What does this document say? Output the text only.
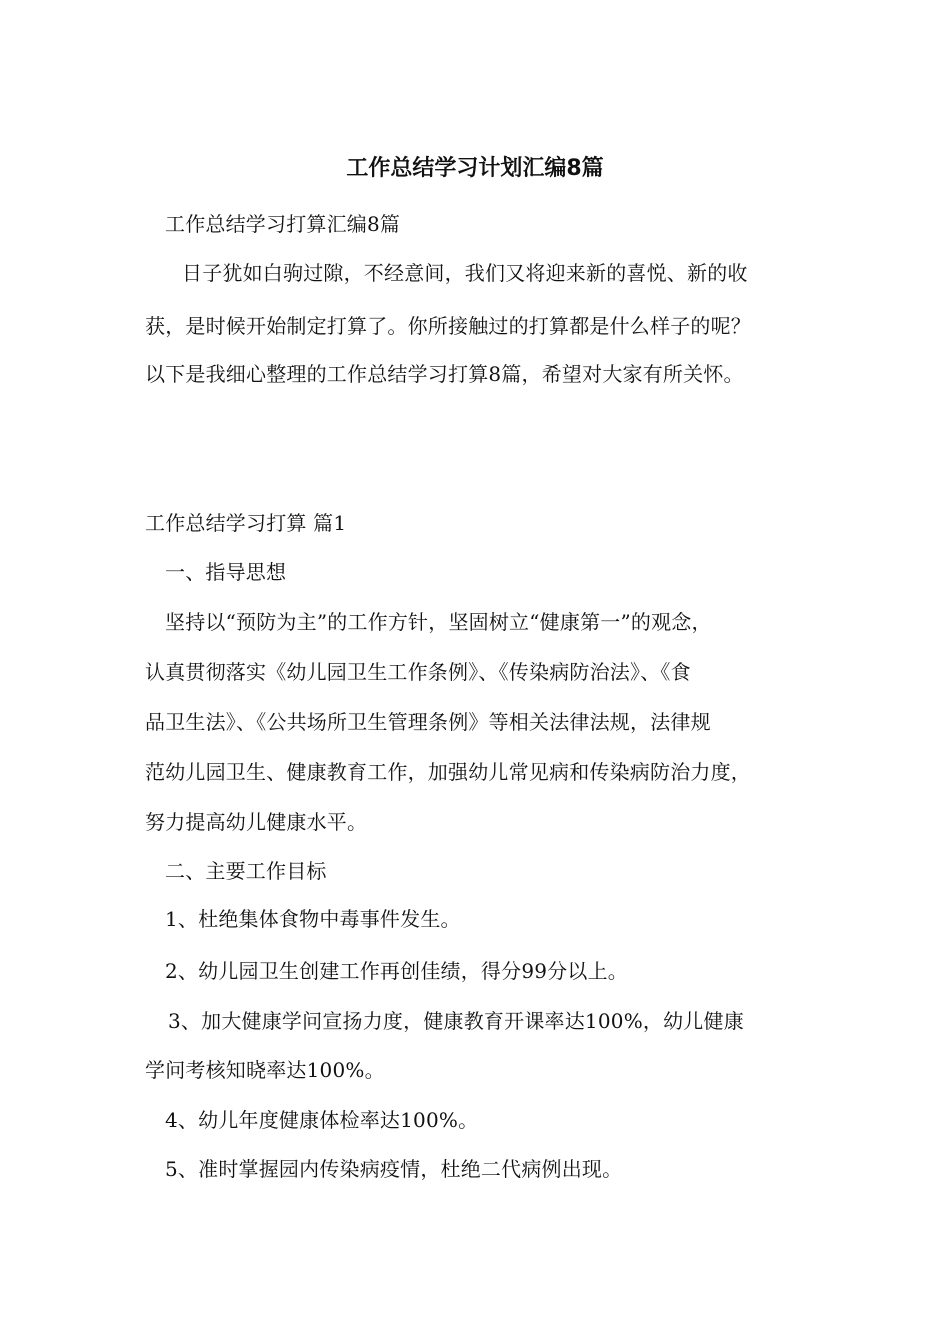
工作总结学习计划汇编8篇
工作总结学习打算汇编8篇
日子犹如白驹过隙，不经意间，我们又将迎来新的喜悦、新的收
获，是时候开始制定打算了。你所接触过的打算都是什么样子的呢？
以下是我细心整理的工作总结学习打算8篇，希望对大家有所关怀。
工作总结学习打算 篇1
一、指导思想
坚持以“预防为主”的工作方针，坚固树立“健康第一”的观念，
认真贯彻落实《幼儿园卫生工作条例》、《传染病防治法》、《食
品卫生法》、《公共场所卫生管理条例》等相关法律法规，法律规
范幼儿园卫生、健康教育工作，加强幼儿常见病和传染病防治力度，
努力提高幼儿健康水平。
二、主要工作目标
1、杜绝集体食物中毒事件发生。
2、幼儿园卫生创建工作再创佳绩，得分99分以上。
3、加大健康学问宣扬力度，健康教育开课率达100%，幼儿健康
学问考核知晓率达100%。
4、幼儿年度健康体检率达100%。
5、准时掌握园内传染病疫情，杜绝二代病例出现。
